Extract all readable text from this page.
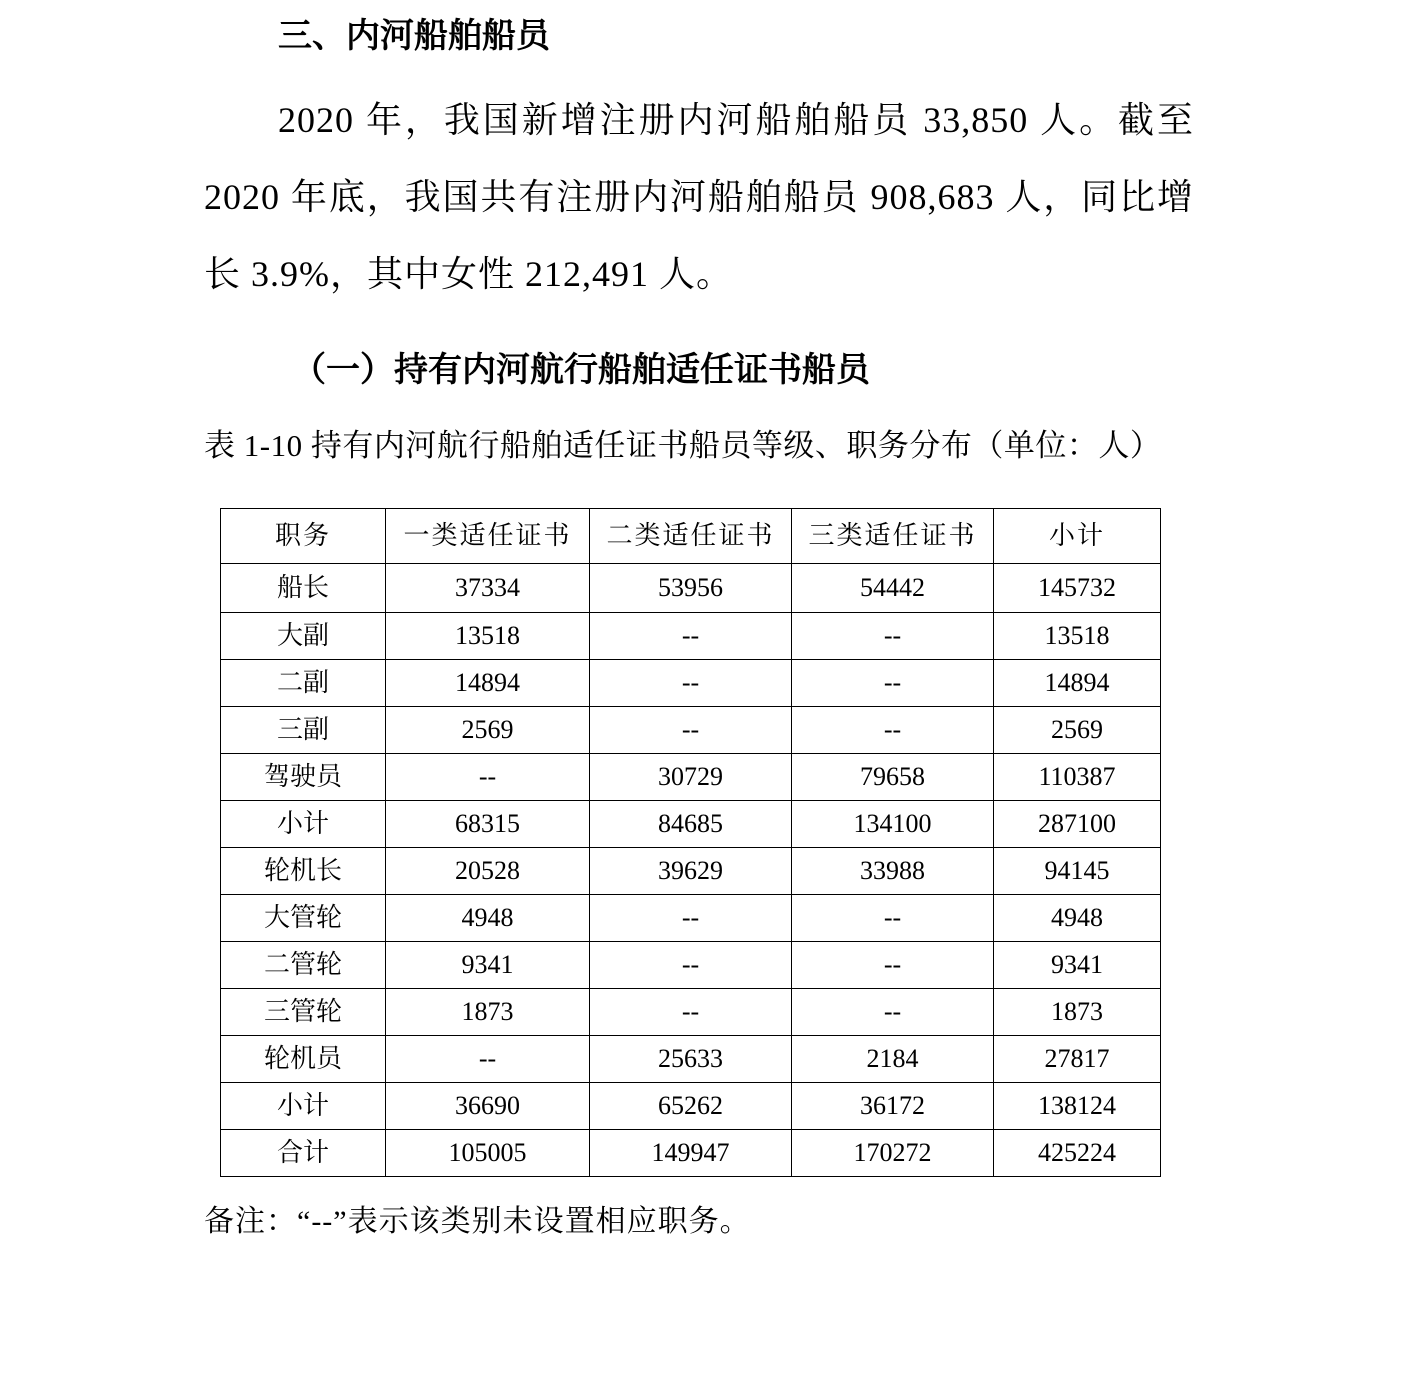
三、内河船舶船员

2020 年，我国新增注册内河船舶船员 33,850 人。截至 2020 年底，我国共有注册内河船舶船员 908,683 人，同比增长 3.9%，其中女性 212,491 人。

（一）持有内河航行船舶适任证书船员

表 1-10 持有内河航行船舶适任证书船员等级、职务分布（单位：人）

职务	一类适任证书	二类适任证书	三类适任证书	小计
船长	37334	53956	54442	145732
大副	13518	--	--	13518
二副	14894	--	--	14894
三副	2569	--	--	2569
驾驶员	--	30729	79658	110387
小计	68315	84685	134100	287100
轮机长	20528	39629	33988	94145
大管轮	4948	--	--	4948
二管轮	9341	--	--	9341
三管轮	1873	--	--	1873
轮机员	--	25633	2184	27817
小计	36690	65262	36172	138124
合计	105005	149947	170272	425224

备注：“--”表示该类别未设置相应职务。
